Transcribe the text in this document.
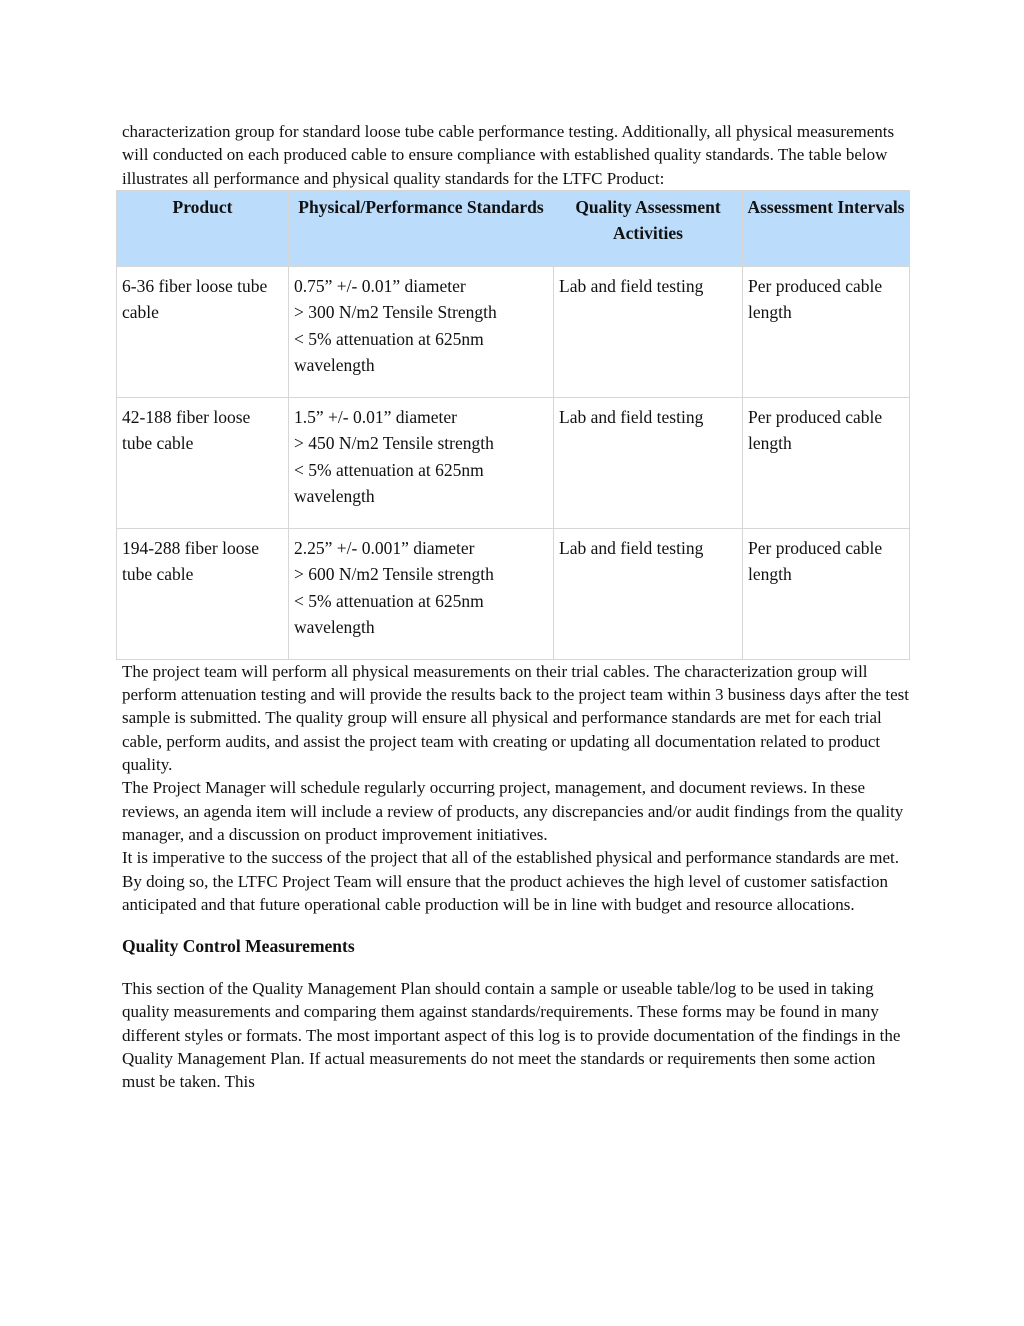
characterization group for standard loose tube cable performance testing. Additionally, all physical measurements will conducted on each produced cable to ensure compliance with established quality standards. The table below illustrates all performance and physical quality standards for the LTFC Product:

Product	Physical/Performance Standards	Quality Assessment Activities	Assessment Intervals
6-36 fiber loose tube cable	0.75” +/- 0.01” diameter
> 300 N/m2 Tensile Strength
< 5% attenuation at 625nm
wavelength	Lab and field testing	Per produced cable length
42-188 fiber loose tube cable	1.5” +/- 0.01” diameter
> 450 N/m2 Tensile strength
< 5% attenuation at 625nm
wavelength	Lab and field testing	Per produced cable length
194-288 fiber loose tube cable	2.25” +/- 0.001” diameter
> 600 N/m2 Tensile strength
< 5% attenuation at 625nm
wavelength	Lab and field testing	Per produced cable length

The project team will perform all physical measurements on their trial cables. The characterization group will perform attenuation testing and will provide the results back to the project team within 3 business days after the test sample is submitted. The quality group will ensure all physical and performance standards are met for each trial cable, perform audits, and assist the project team with creating or updating all documentation related to product quality.

The Project Manager will schedule regularly occurring project, management, and document reviews. In these reviews, an agenda item will include a review of products, any discrepancies and/or audit findings from the quality manager, and a discussion on product improvement initiatives.

It is imperative to the success of the project that all of the established physical and performance standards are met. By doing so, the LTFC Project Team will ensure that the product achieves the high level of customer satisfaction anticipated and that future operational cable production will be in line with budget and resource allocations.

Quality Control Measurements

This section of the Quality Management Plan should contain a sample or useable table/log to be used in taking quality measurements and comparing them against standards/requirements. These forms may be found in many different styles or formats. The most important aspect of this log is to provide documentation of the findings in the Quality Management Plan. If actual measurements do not meet the standards or requirements then some action must be taken. This
